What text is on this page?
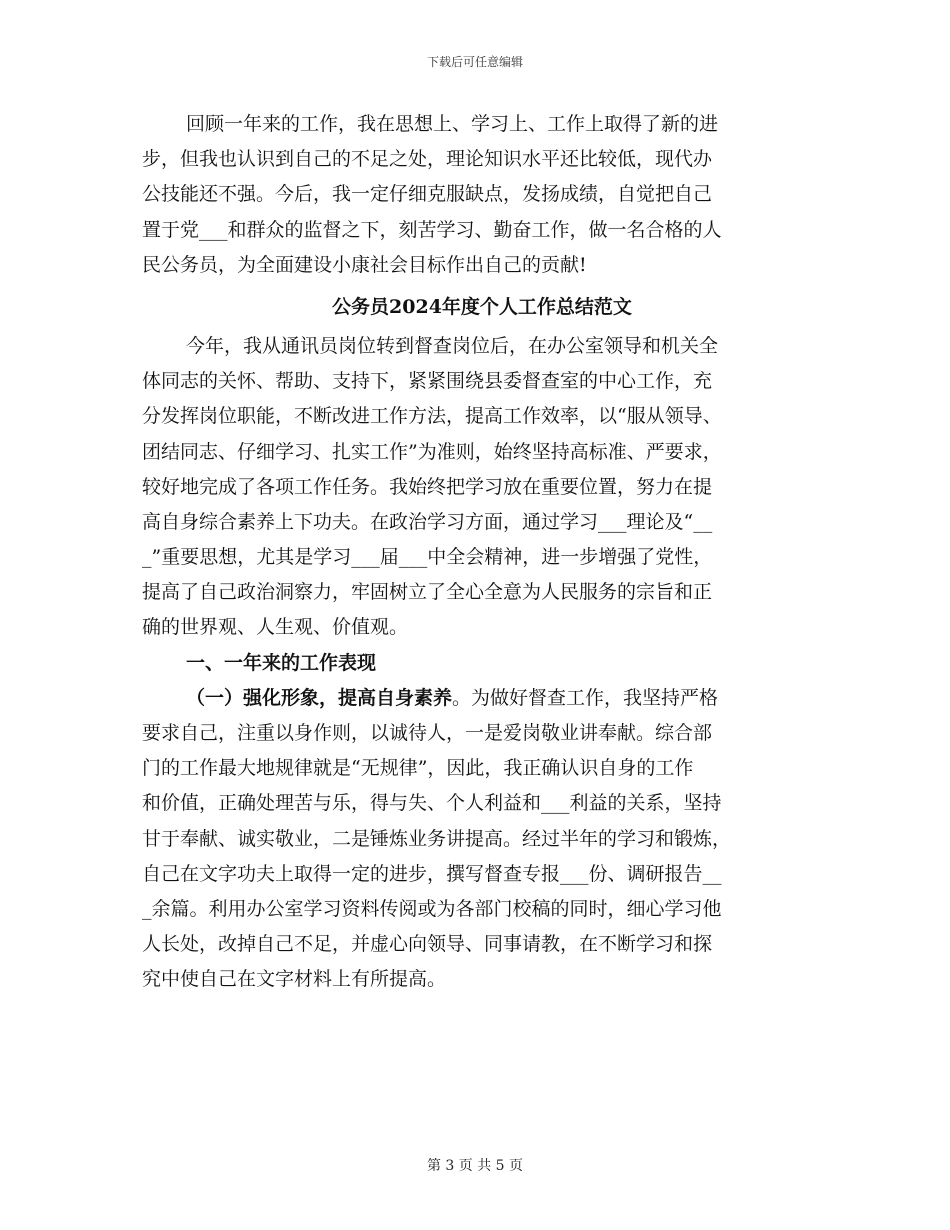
下载后可任意编辑
回顾一年来的工作，我在思想上、学习上、工作上取得了新的进
步，但我也认识到自己的不足之处，理论知识水平还比较低，现代办
公技能还不强。今后，我一定仔细克服缺点，发扬成绩，自觉把自己
置于党___和群众的监督之下，刻苦学习、勤奋工作，做一名合格的人
民公务员，为全面建设小康社会目标作出自己的贡献!
公务员2024年度个人工作总结范文
今年，我从通讯员岗位转到督查岗位后，在办公室领导和机关全
体同志的关怀、帮助、支持下，紧紧围绕县委督查室的中心工作，充
分发挥岗位职能，不断改进工作方法，提高工作效率，以“服从领导、
团结同志、仔细学习、扎实工作”为准则，始终坚持高标准、严要求，
较好地完成了各项工作任务。我始终把学习放在重要位置，努力在提
高自身综合素养上下功夫。在政治学习方面，通过学习___理论及“__
_”重要思想，尤其是学习___届___中全会精神，进一步增强了党性，
提高了自己政治洞察力，牢固树立了全心全意为人民服务的宗旨和正
确的世界观、人生观、价值观。
一、一年来的工作表现
（一）强化形象，提高自身素养。为做好督查工作，我坚持严格
要求自己，注重以身作则，以诚待人，一是爱岗敬业讲奉献。综合部
门的工作最大地规律就是“无规律”，因此，我正确认识自身的工作
和价值，正确处理苦与乐，得与失、个人利益和___利益的关系，坚持
甘于奉献、诚实敬业，二是锤炼业务讲提高。经过半年的学习和锻炼，
自己在文字功夫上取得一定的进步，撰写督查专报___份、调研报告__
_余篇。利用办公室学习资料传阅或为各部门校稿的同时，细心学习他
人长处，改掉自己不足，并虚心向领导、同事请教，在不断学习和探
究中使自己在文字材料上有所提高。
第 3 页 共 5 页
